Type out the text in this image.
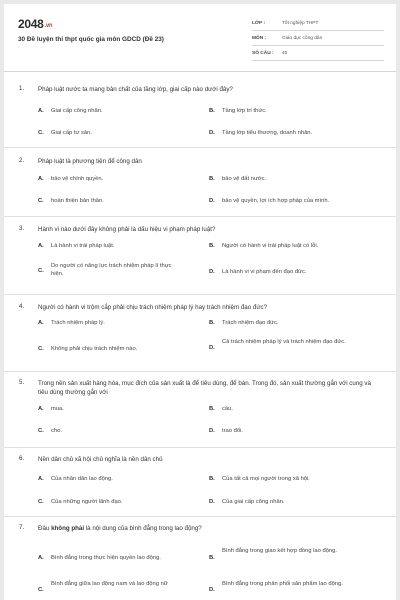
2048.vn
30 Đề luyện thi thpt quốc gia môn GDCD (Đề 23)
LỚP :	Tốt nghiệp THPT
MÔN :	Giáo dục công dân
SỐ CÂU :	40
1. Pháp luật nước ta mang bản chất của tầng lớp, giai cấp nào dưới đây?
A. Giai cấp công nhân.	B. Tầng lớp trí thức.
C. Giai cấp tư sản.	D. Tầng lớp tiểu thương, doanh nhân.
2. Pháp luật là phương tiện để công dân
A. bảo vệ chính quyền.	B. bảo vệ đất nước.
C. hoàn thiện bản thân.	D. bảo vệ quyền, lợi ích hợp pháp của mình.
3. Hành vi nào dưới đây không phải là dấu hiệu vi phạm pháp luật?
A. Là hành vi trái pháp luật.	B. Người có hành vi trái pháp luật có lỗi.
C.
Do người có năng lực trách nhiệm pháp lí thực hiện.	D. Là hành vi vi phạm đến đạo đức.
4. Người có hành vi trộm cắp phải chịu trách nhiệm pháp lý hay trách nhiệm đạo đức?
A. Trách nhiệm pháp lý.	B. Trách nhiệm đạo đức.
C. Không phải chịu trách nhiệm nào.	D.
Cả trách nhiệm pháp lý và trách nhiệm đạo đức.
5. Trong nền sản xuất hàng hóa, mục đích của sản xuất là để tiêu dùng, để bán. Trong đó, sản xuất thường gắn với cung và tiêu dùng thường gắn với
A. mua.	B. cầu.
C. cho.	D. trao đổi.
6. Nền dân chủ xã hội chủ nghĩa là nền dân chủ
A. Của nhân dân lao động.	B. Của tất cả mọi người trong xã hội.
C. Của những người lãnh đạo.	D. Của giai cấp công nhân.
7. Đâu không phải là nội dung của bình đẳng trong lao động?
A. Bình đẳng trong thực hiện quyền lao động.	B.
Bình đẳng trong giao kết hợp đồng lao động.
C.
Bình đẳng giữa lao động nam và lao động nữ
D.
Bình đẳng trong phân phối sản phẩm lao động.
